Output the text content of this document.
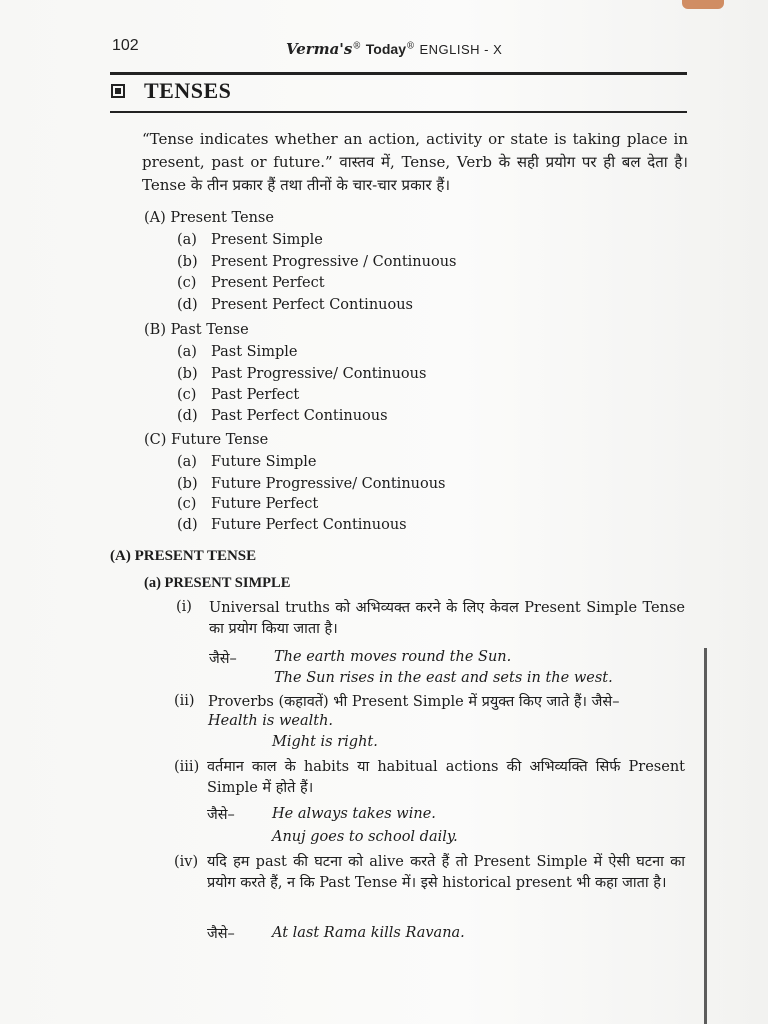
102	Verma's® Today® ENGLISH - X
TENSES
“Tense indicates whether an action, activity or state is taking place in present, past or future.” वास्तव में, Tense, Verb के सही प्रयोग पर ही बल देता है। Tense के तीन प्रकार हैं तथा तीनों के चार-चार प्रकार हैं।
(A) Present Tense
(a) Present Simple
(b) Present Progressive / Continuous
(c) Present Perfect
(d) Present Perfect Continuous
(B) Past Tense
(a) Past Simple
(b) Past Progressive/ Continuous
(c) Past Perfect
(d) Past Perfect Continuous
(C) Future Tense
(a) Future Simple
(b) Future Progressive/ Continuous
(c) Future Perfect
(d) Future Perfect Continuous
(A) PRESENT TENSE
(a) PRESENT SIMPLE
(i) Universal truths को अभिव्यक्त करने के लिए केवल Present Simple Tense का प्रयोग किया जाता है।
जैसे–	The earth moves round the Sun.
The Sun rises in the east and sets in the west.
(ii) Proverbs (कहावतें) भी Present Simple में प्रयुक्त किए जाते हैं। जैसे–
Health is wealth.
Might is right.
(iii) वर्तमान काल के habits या habitual actions की अभिव्यक्ति सिर्फ Present Simple में होते हैं।
जैसे–	He always takes wine.
Anuj goes to school daily.
(iv) यदि हम past की घटना को alive करते हैं तो Present Simple में ऐसी घटना का प्रयोग करते हैं, न कि Past Tense में। इसे historical present भी कहा जाता है।
जैसे–	At last Rama kills Ravana.
